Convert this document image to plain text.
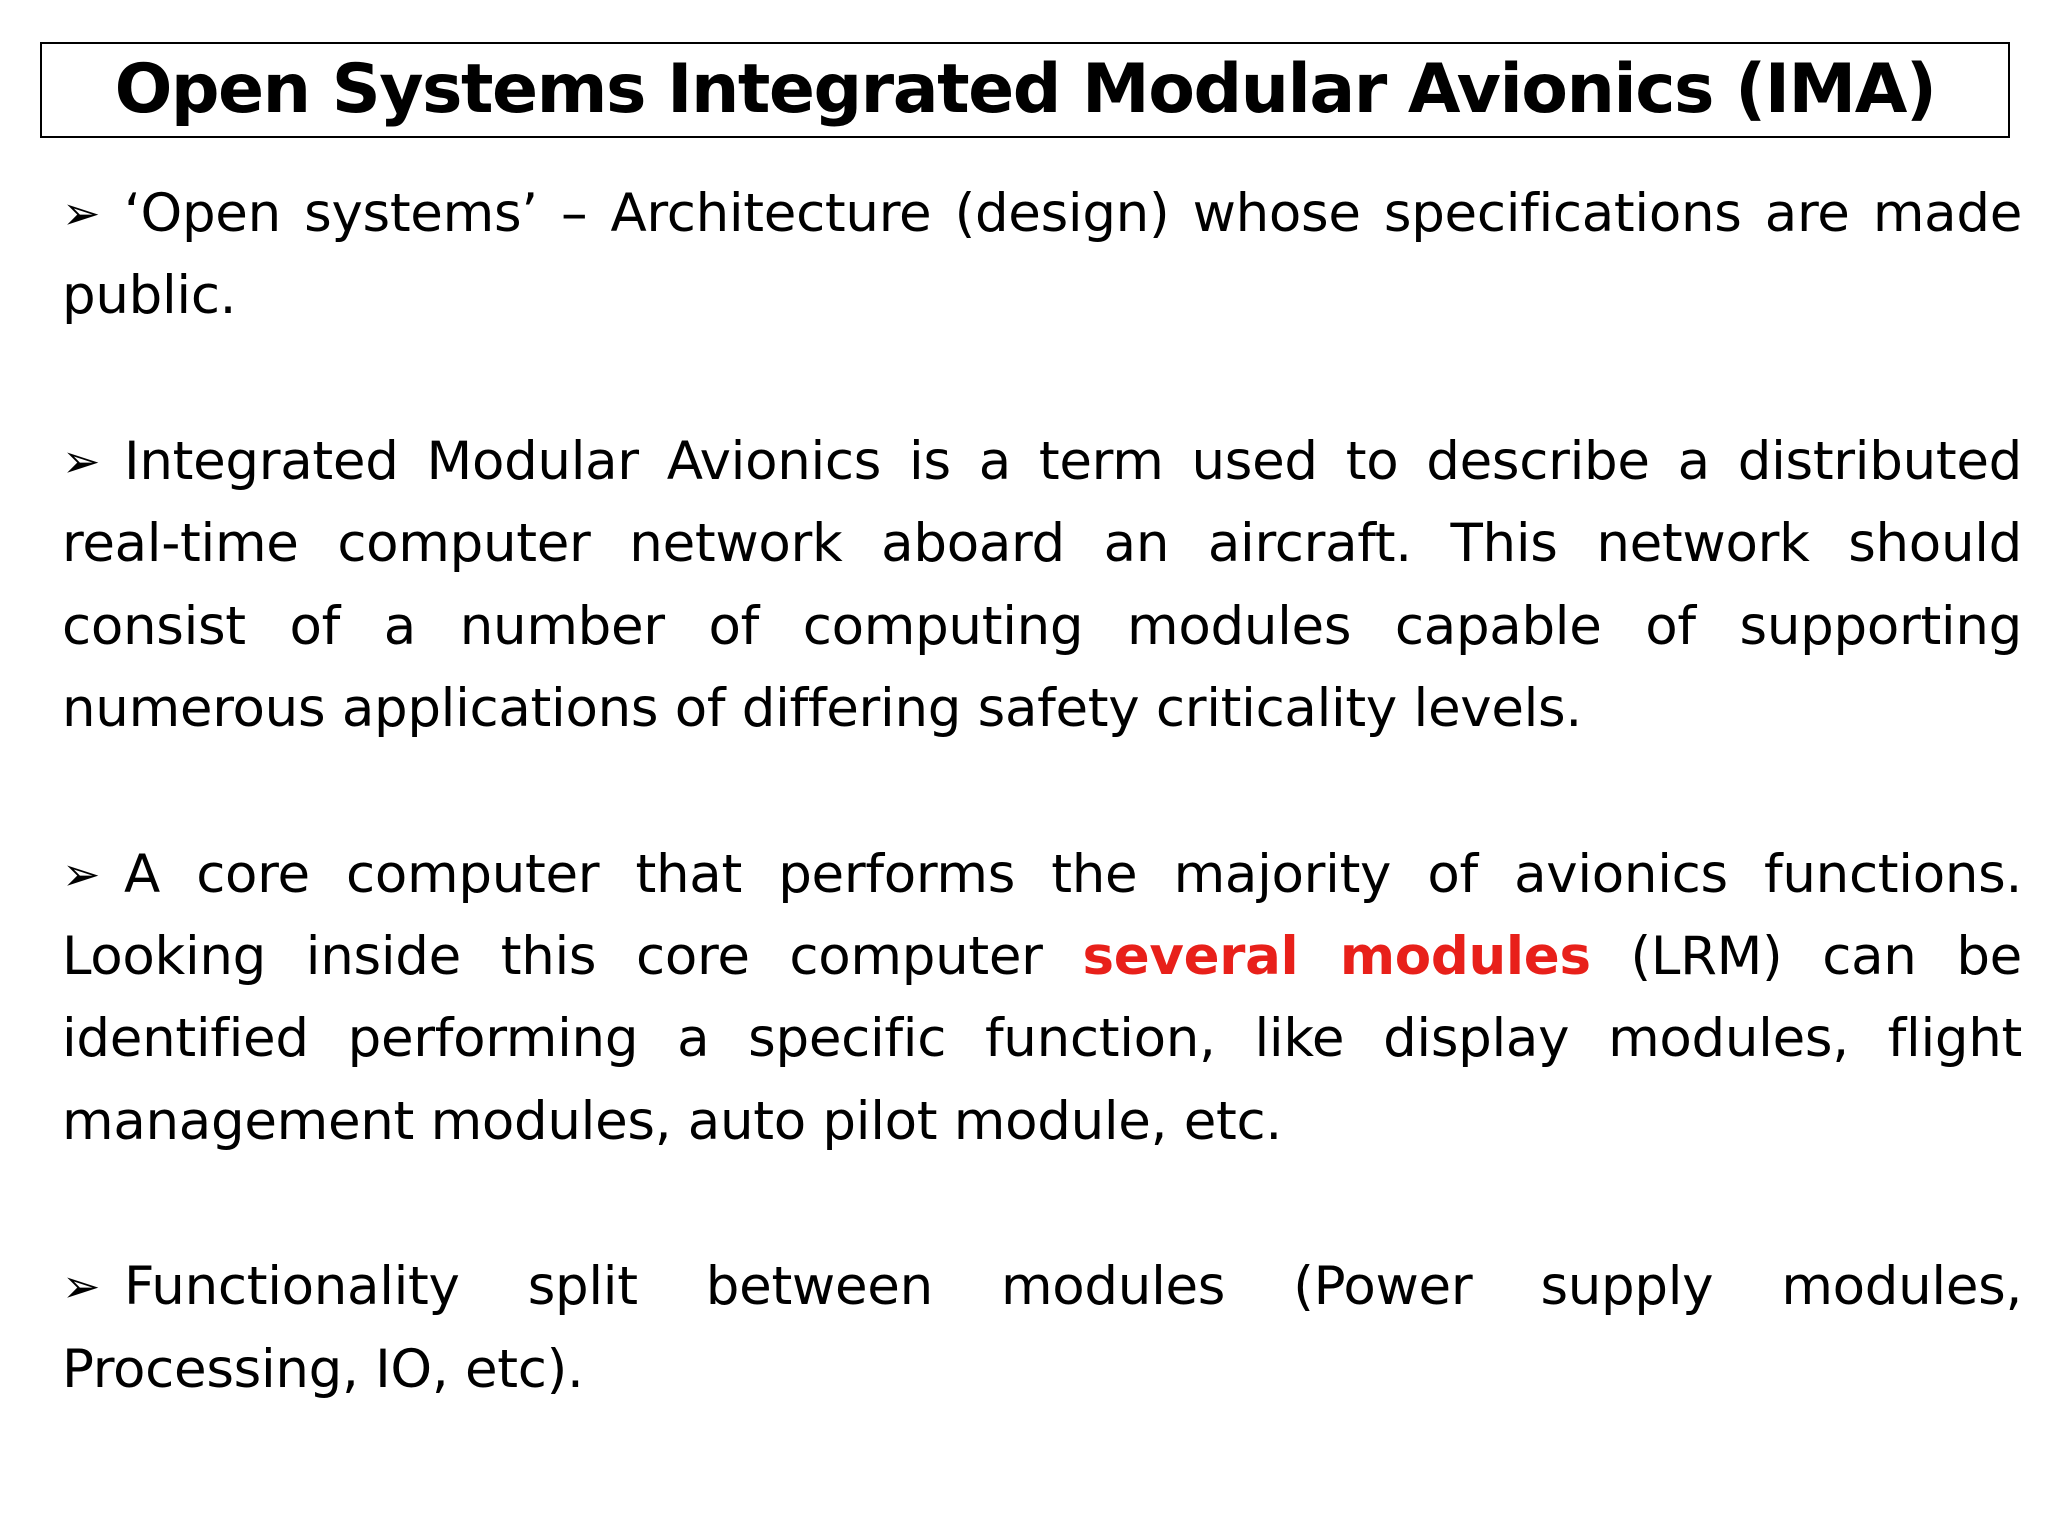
Open Systems Integrated Modular Avionics (IMA)

➢ ‘Open systems’ – Architecture (design) whose specifications are made public.

➢ Integrated Modular Avionics is a term used to describe a distributed real-time computer network aboard an aircraft. This network should consist of a number of computing modules capable of supporting numerous applications of differing safety criticality levels.

➢ A core computer that performs the majority of avionics functions. Looking inside this core computer several modules (LRM) can be identified performing a specific function, like display modules, flight management modules, auto pilot module, etc.

➢ Functionality split between modules (Power supply modules, Processing, IO, etc).
